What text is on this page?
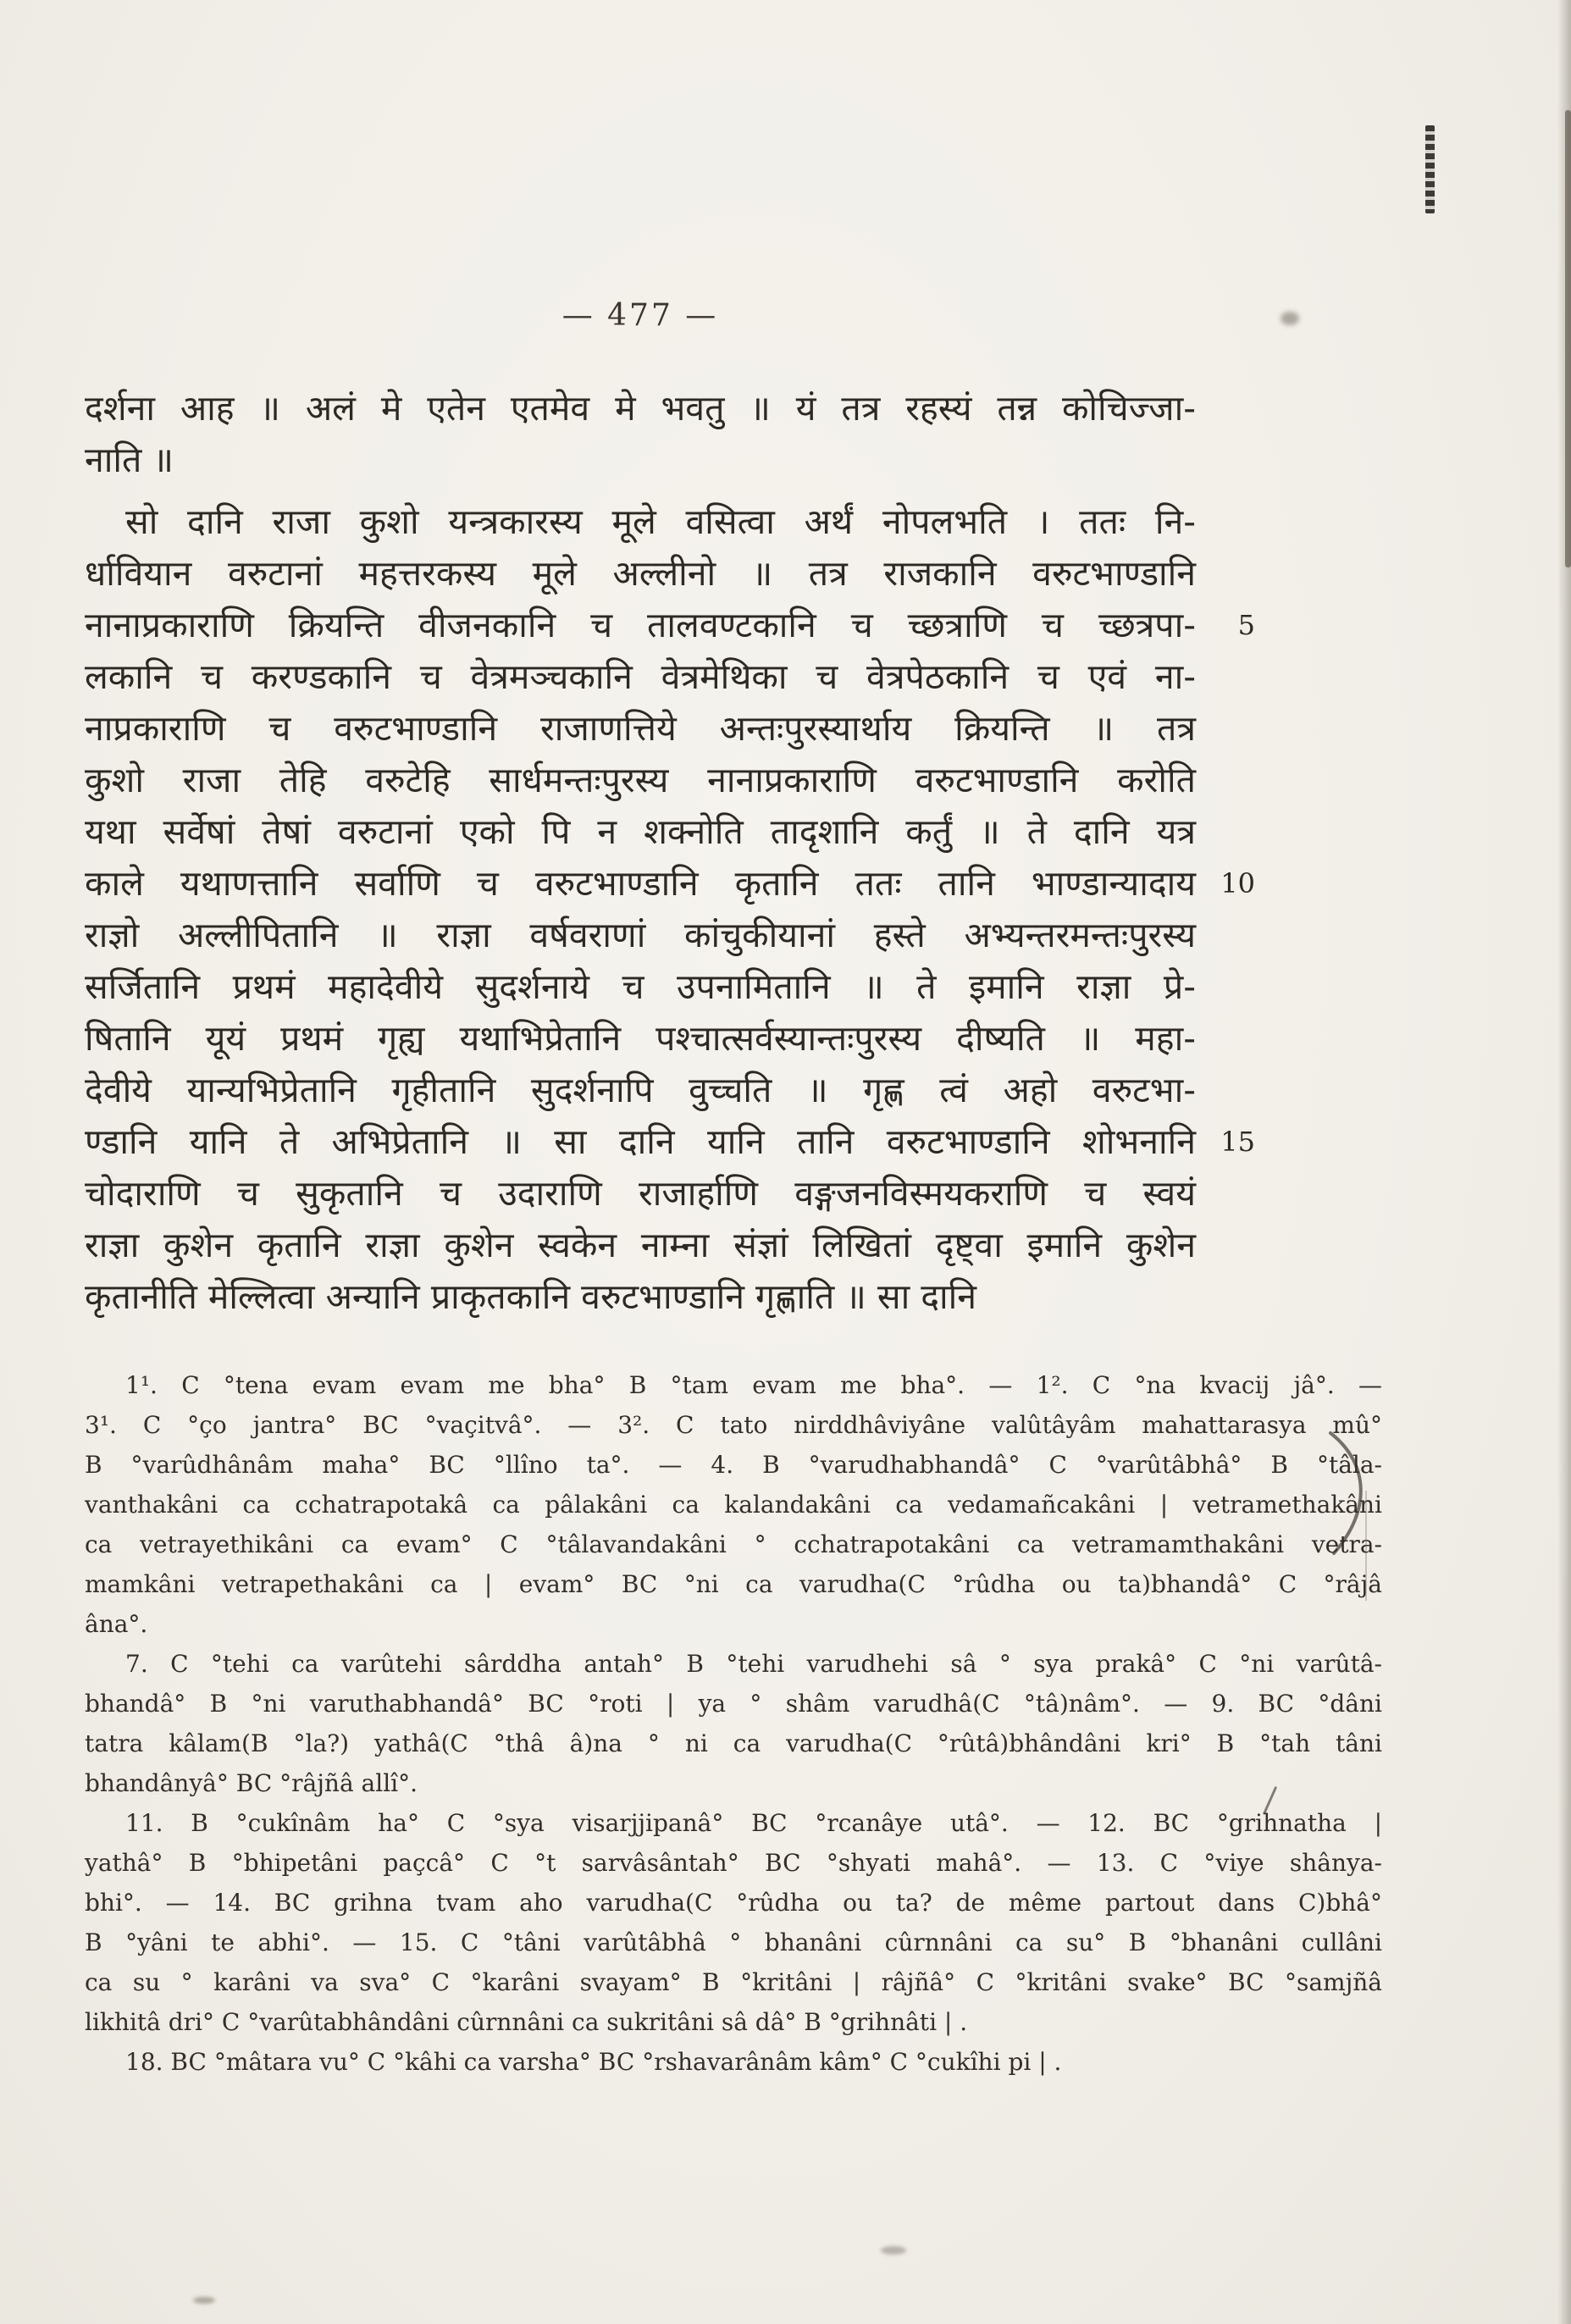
— 477 —
दर्शना आह ॥ अलं मे एतेन एतमेव मे भवतु ॥ यं तत्र रहस्यं तन्न कोचिज्जा-
नाति ॥
सो दानि राजा कुशो यन्त्रकारस्य मूले वसित्वा अर्थं नोपलभति । ततः नि-
र्धावियान वरुटानां महत्तरकस्य मूले अल्लीनो ॥ तत्र राजकानि वरुटभाण्डानि
नानाप्रकाराणि क्रियन्ति वीजनकानि च तालवण्टकानि च च्छत्राणि च च्छत्रपा- 5
लकानि च करण्डकानि च वेत्रमञ्चकानि वेत्रमेथिका च वेत्रपेठकानि च एवं ना-
नाप्रकाराणि च वरुटभाण्डानि राजाणत्तिये अन्तःपुरस्यार्थाय क्रियन्ति ॥ तत्र
कुशो राजा तेहि वरुटेहि सार्धमन्तःपुरस्य नानाप्रकाराणि वरुटभाण्डानि करोति
यथा सर्वेषां तेषां वरुटानां एको पि न शक्नोति तादृशानि कर्तुं ॥ ते दानि यत्र
काले यथाणत्तानि सर्वाणि च वरुटभाण्डानि कृतानि ततः तानि भाण्डान्यादाय 10
राज्ञो अल्लीपितानि ॥ राज्ञा वर्षवराणां कांचुकीयानां हस्ते अभ्यन्तरमन्तःपुरस्य
सर्जितानि प्रथमं महादेवीये सुदर्शनाये च उपनामितानि ॥ ते इमानि राज्ञा प्रे-
षितानि यूयं प्रथमं गृह्य यथाभिप्रेतानि पश्चात्सर्वस्यान्तःपुरस्य दीष्यति ॥ महा-
देवीये यान्यभिप्रेतानि गृहीतानि सुदर्शनापि वुच्चति ॥ गृह्ण त्वं अहो वरुटभा-
ण्डानि यानि ते अभिप्रेतानि ॥ सा दानि यानि तानि वरुटभाण्डानि शोभनानि 15
चोदाराणि च सुकृतानि च उदाराणि राजार्हाणि वङ्गजनविस्मयकराणि च स्वयं
राज्ञा कुशेन कृतानि राज्ञा कुशेन स्वकेन नाम्ना संज्ञां लिखितां दृष्ट्वा इमानि कुशेन
कृतानीति मेल्लित्वा अन्यानि प्राकृतकानि वरुटभाण्डानि गृह्णाति ॥ सा दानि
1¹. C °tena evam evam me bha° B °tam evam me bha°. — 1². C °na kvacij jâ°. —
3¹. C °ço jantra° BC °vaçitvâ°. — 3². C tato nirddhâviyâne valûtâyâm mahattarasya mû°
B °varûdhânâm maha° BC °llîno ta°. — 4. B °varudhabhandâ° C °varûtâbhâ° B °tâla-
vanthakâni ca cchatrapotakâ ca pâlakâni ca kalandakâni ca vedamañcakâni | vetramethakâni
ca vetrayethikâni ca evam° C °tâlavandakâni ° cchatrapotakâni ca vetramamthakâni vetra-
mamkâni vetrapethakâni ca | evam° BC °ni ca varudha(C °rûdha ou ta)bhandâ° C °râjâ
âna°.
7. C °tehi ca varûtehi sârddha antah° B °tehi varudhehi sâ ° sya prakâ° C °ni varûtâ-
bhandâ° B °ni varuthabhandâ° BC °roti | ya ° shâm varudhâ(C °tâ)nâm°. — 9. BC °dâni
tatra kâlam(B °la?) yathâ(C °thâ â)na ° ni ca varudha(C °rûtâ)bhândâni kri° B °tah tâni
bhandânyâ° BC °râjñâ allî°.
11. B °cukînâm ha° C °sya visarjjipanâ° BC °rcanâye utâ°. — 12. BC °grihnatha |
yathâ° B °bhipetâni paçcâ° C °t sarvâsântah° BC °shyati mahâ°. — 13. C °viye shânya-
bhi°. — 14. BC grihna tvam aho varudha(C °rûdha ou ta? de même partout dans C)bhâ°
B °yâni te abhi°. — 15. C °tâni varûtâbhâ ° bhanâni cûrnnâni ca su° B °bhanâni cullâni
ca su ° karâni va sva° C °karâni svayam° B °kritâni | râjñâ° C °kritâni svake° BC °samjñâ
likhitâ dri° C °varûtabhândâni cûrnnâni ca sukritâni sâ dâ° B °grihnâti | .
18. BC °mâtara vu° C °kâhi ca varsha° BC °rshavarânâm kâm° C °cukîhi pi | .
